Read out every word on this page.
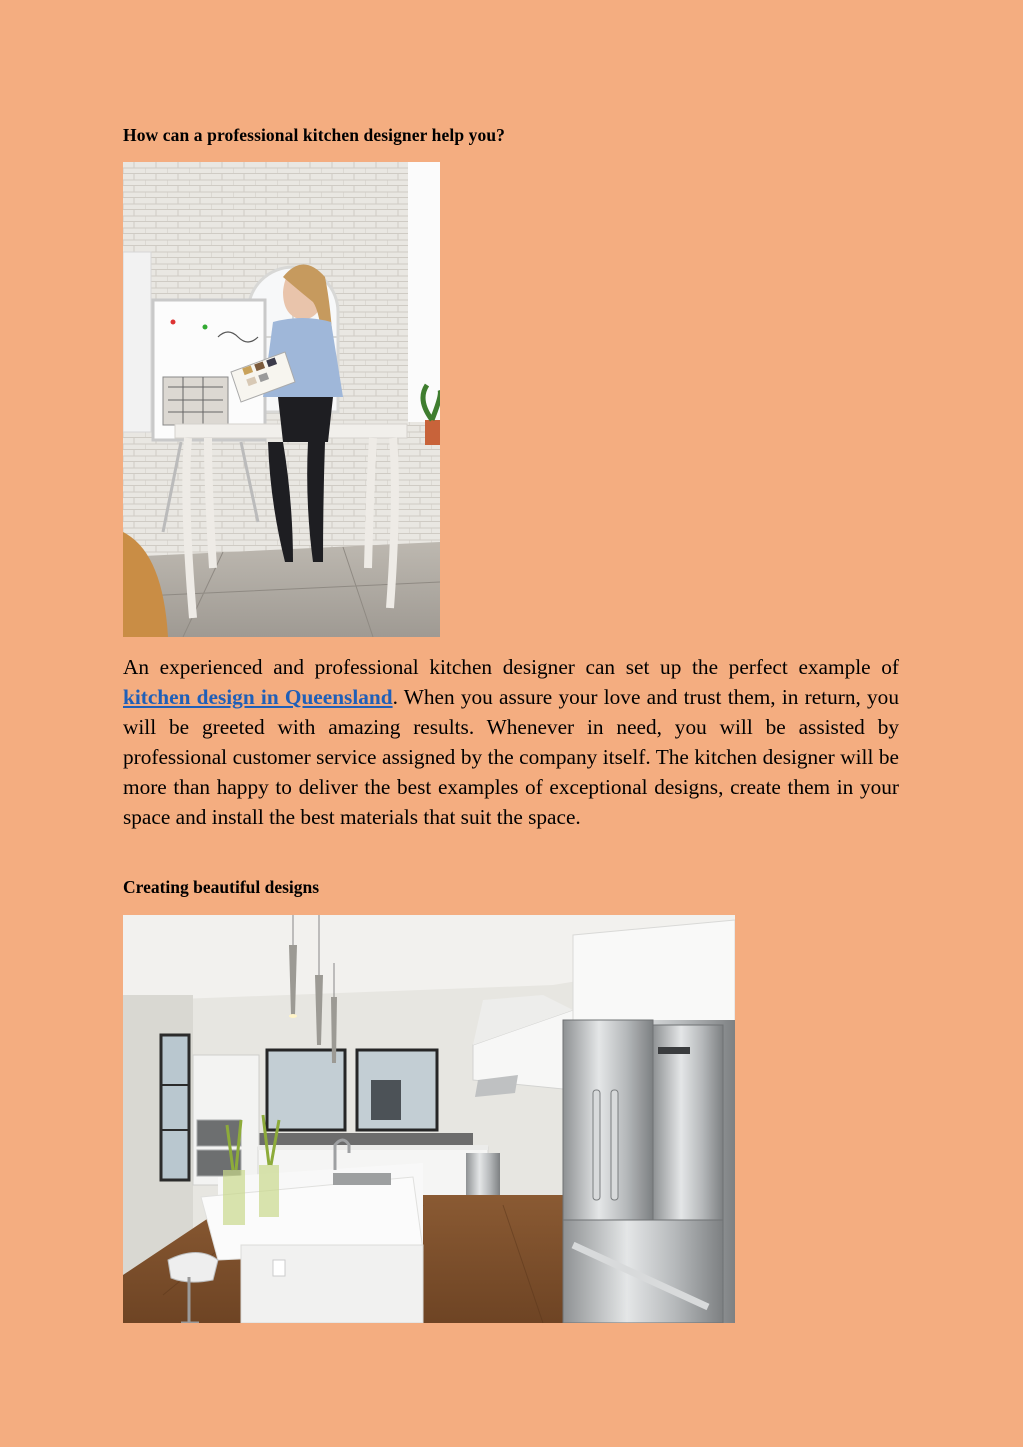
How can a professional kitchen designer help you?

An experienced and professional kitchen designer can set up the perfect example of kitchen design in Queensland. When you assure your love and trust them, in return, you will be greeted with amazing results. Whenever in need, you will be assisted by professional customer service assigned by the company itself. The kitchen designer will be more than happy to deliver the best examples of exceptional designs, create them in your space and install the best materials that suit the space.

Creating beautiful designs
